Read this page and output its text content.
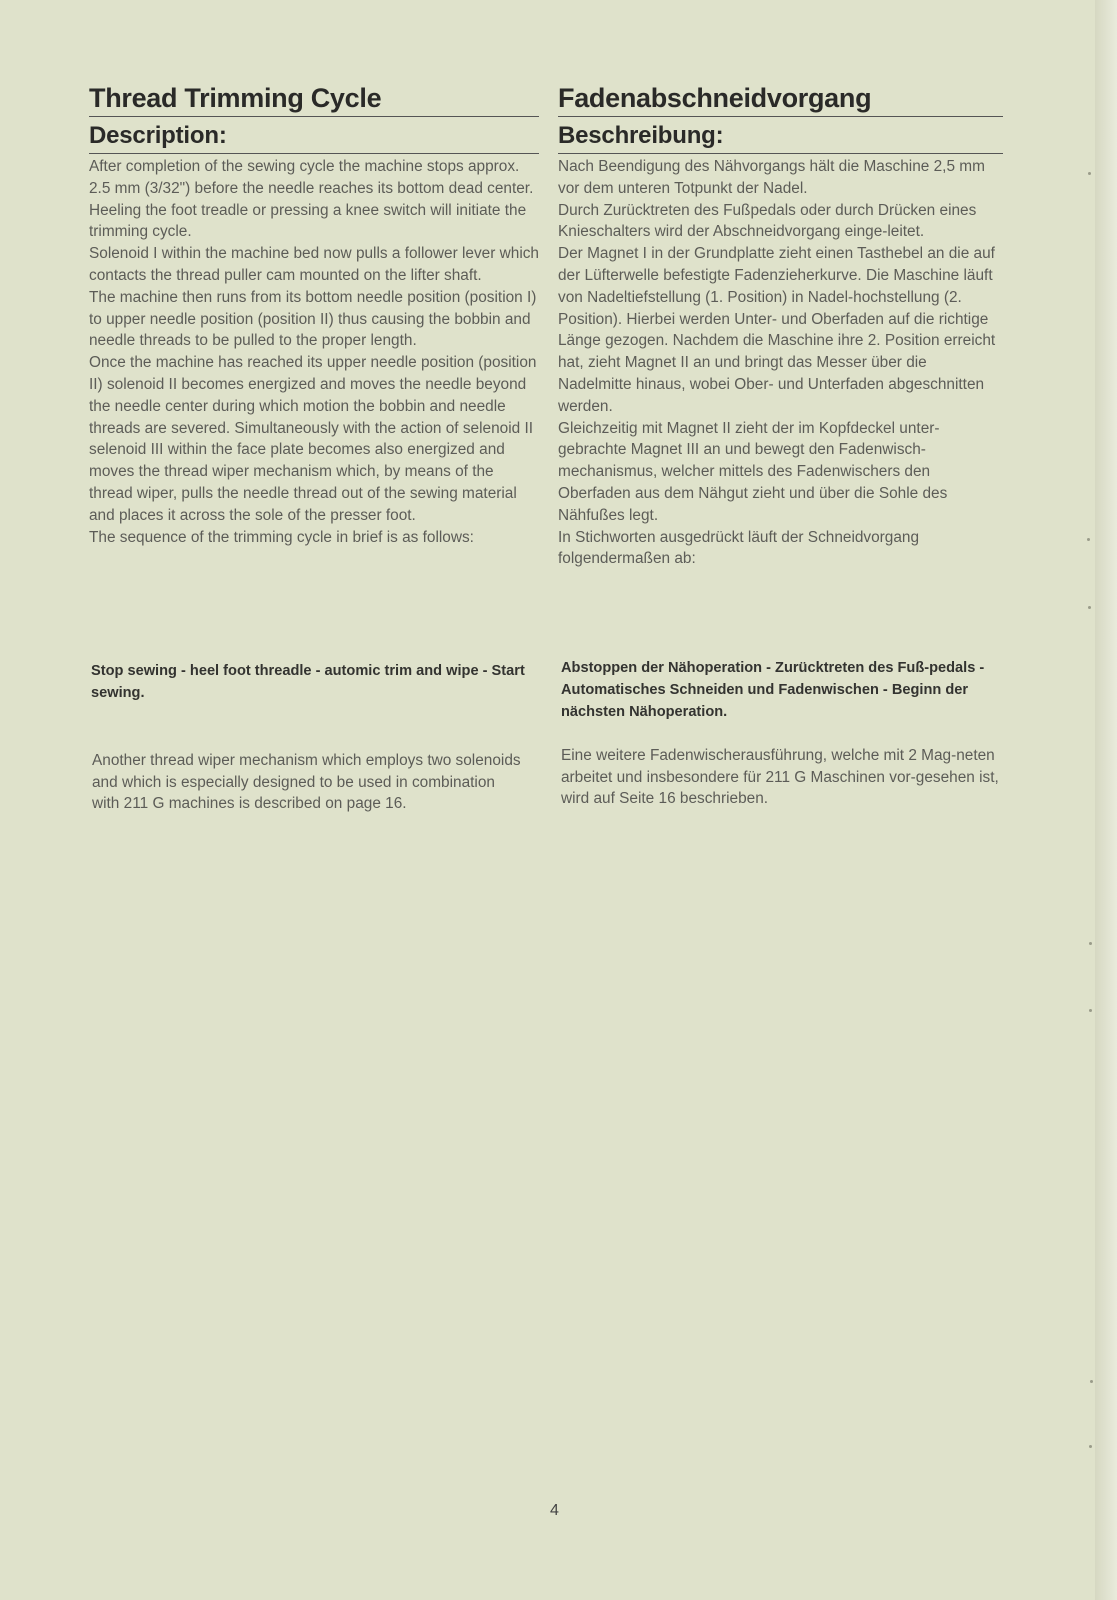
Thread Trimming Cycle
Description:

After completion of the sewing cycle the machine stops approx. 2.5 mm (3/32") before the needle reaches its bottom dead center. Heeling the foot treadle or pressing a knee switch will initiate the trimming cycle.

Solenoid I within the machine bed now pulls a follower lever which contacts the thread puller cam mounted on the lifter shaft.

The machine then runs from its bottom needle position (position I) to upper needle position (position II) thus causing the bobbin and needle threads to be pulled to the proper length.

Once the machine has reached its upper needle position (position II) solenoid II becomes energized and moves the needle beyond the needle center during which motion the bobbin and needle threads are severed. Simultaneously with the action of selenoid II selenoid III within the face plate becomes also energized and moves the thread wiper mechanism which, by means of the thread wiper, pulls the needle thread out of the sewing material and places it across the sole of the presser foot.

The sequence of the trimming cycle in brief is as follows:

Stop sewing - heel foot threadle - automic trim and wipe - Start sewing.
Another thread wiper mechanism which employs two solenoids and which is especially designed to be used in combination with 211 G machines is described on page 16.
Fadenabschneidvorgang
Beschreibung:

Nach Beendigung des Nähvorgangs hält die Maschine 2,5 mm vor dem unteren Totpunkt der Nadel.

Durch Zurücktreten des Fußpedals oder durch Drücken eines Knieschalters wird der Abschneidvorgang einge-leitet.

Der Magnet I in der Grundplatte zieht einen Tasthebel an die auf der Lüfterwelle befestigte Fadenzieherkurve. Die Maschine läuft von Nadeltiefstellung (1. Position) in Nadel-hochstellung (2. Position). Hierbei werden Unter- und Oberfaden auf die richtige Länge gezogen. Nachdem die Maschine ihre 2. Position erreicht hat, zieht Magnet II an und bringt das Messer über die Nadelmitte hinaus, wobei Ober- und Unterfaden abgeschnitten werden.

Gleichzeitig mit Magnet II zieht der im Kopfdeckel unter-gebrachte Magnet III an und bewegt den Fadenwisch-mechanismus, welcher mittels des Fadenwischers den Oberfaden aus dem Nähgut zieht und über die Sohle des Nähfußes legt.

In Stichworten ausgedrückt läuft der Schneidvorgang folgendermaßen ab:

Abstoppen der Nähoperation - Zurücktreten des Fuß-pedals - Automatisches Schneiden und Fadenwischen - Beginn der nächsten Nähoperation.
Eine weitere Fadenwischerausführung, welche mit 2 Mag-neten arbeitet und insbesondere für 211 G Maschinen vor-gesehen ist, wird auf Seite 16 beschrieben.
4
